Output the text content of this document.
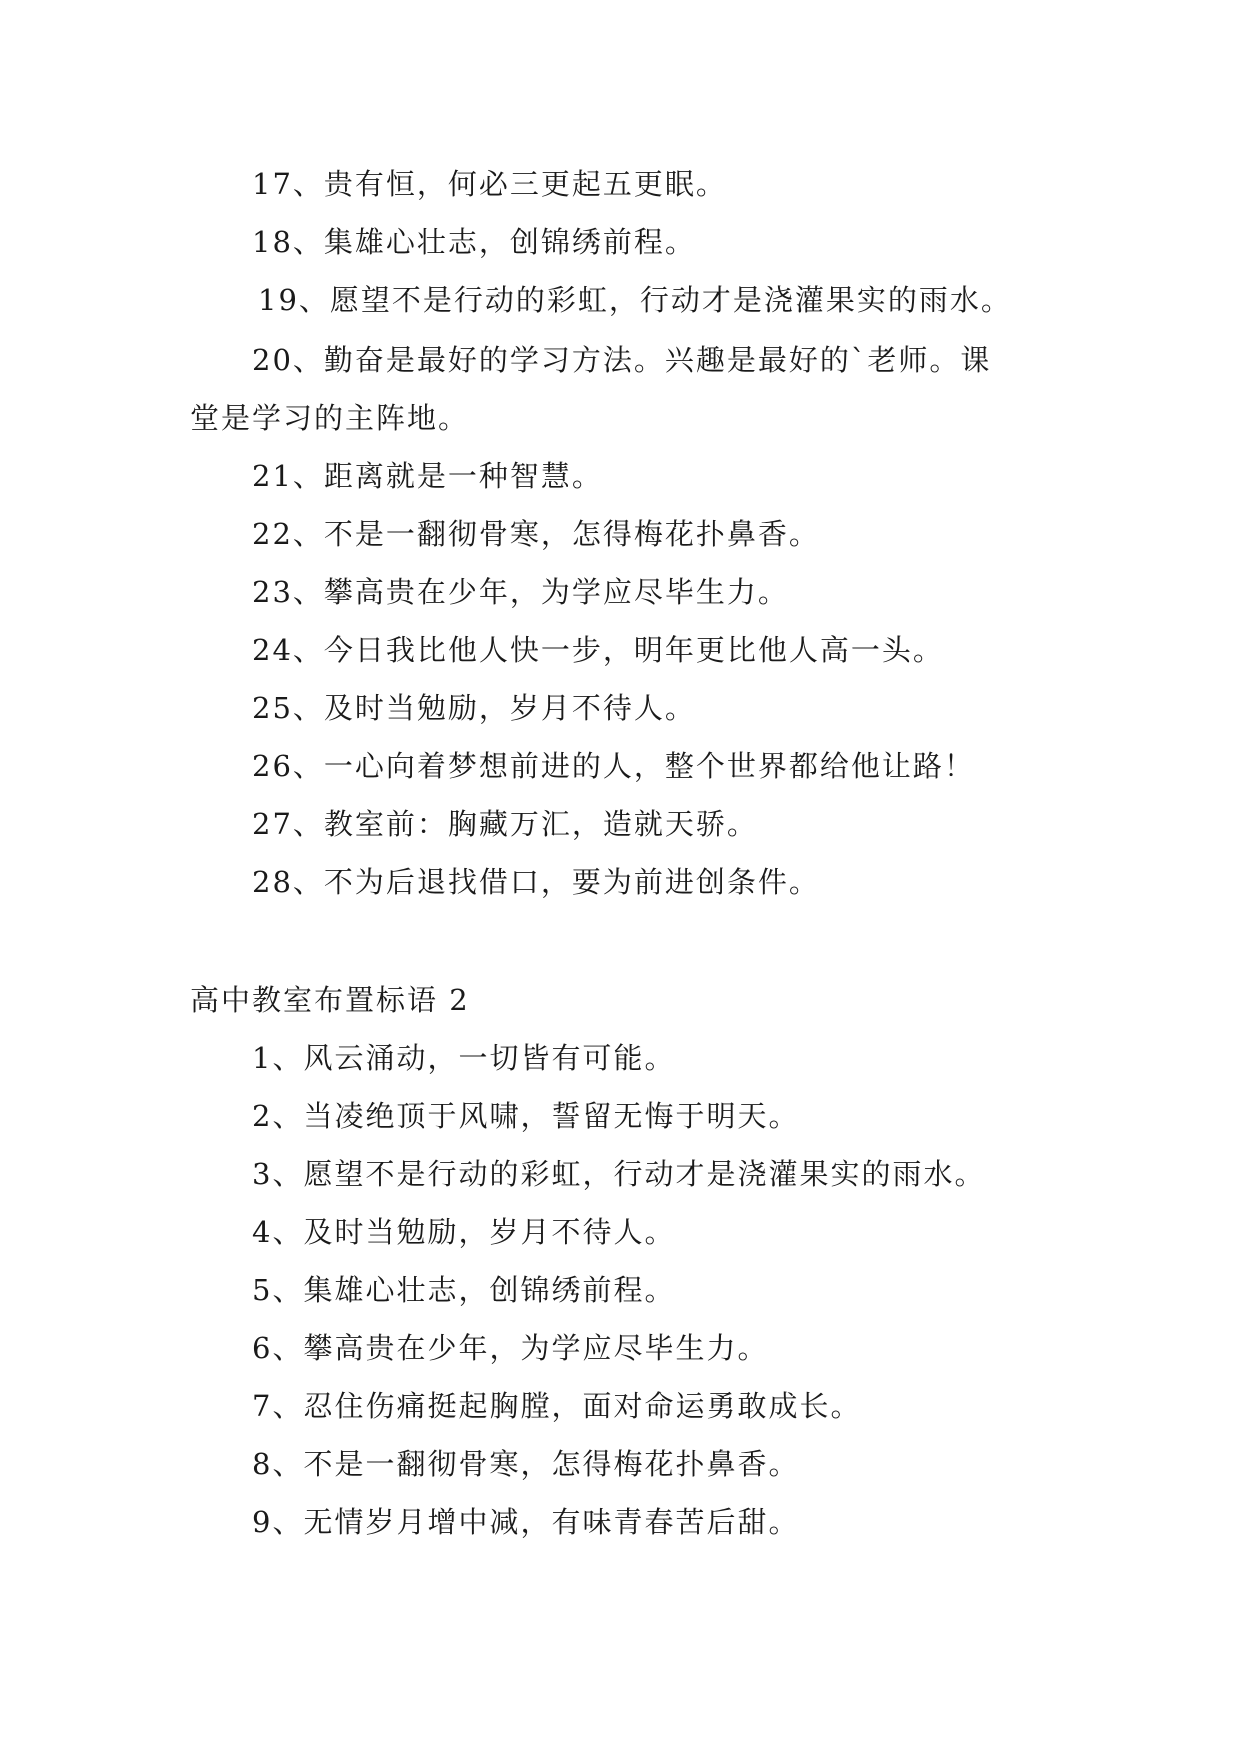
17、贵有恒，何必三更起五更眠。
18、集雄心壮志，创锦绣前程。
19、愿望不是行动的彩虹，行动才是浇灌果实的雨水。
20、勤奋是最好的学习方法。兴趣是最好的`老师。课
堂是学习的主阵地。
21、距离就是一种智慧。
22、不是一翻彻骨寒，怎得梅花扑鼻香。
23、攀高贵在少年，为学应尽毕生力。
24、今日我比他人快一步，明年更比他人高一头。
25、及时当勉励，岁月不待人。
26、一心向着梦想前进的人，整个世界都给他让路！
27、教室前：胸藏万汇，造就天骄。
28、不为后退找借口，要为前进创条件。
高中教室布置标语 2
1、风云涌动，一切皆有可能。
2、当凌绝顶于风啸，誓留无悔于明天。
3、愿望不是行动的彩虹，行动才是浇灌果实的雨水。
4、及时当勉励，岁月不待人。
5、集雄心壮志，创锦绣前程。
6、攀高贵在少年，为学应尽毕生力。
7、忍住伤痛挺起胸膛，面对命运勇敢成长。
8、不是一翻彻骨寒，怎得梅花扑鼻香。
9、无情岁月增中减，有味青春苦后甜。
